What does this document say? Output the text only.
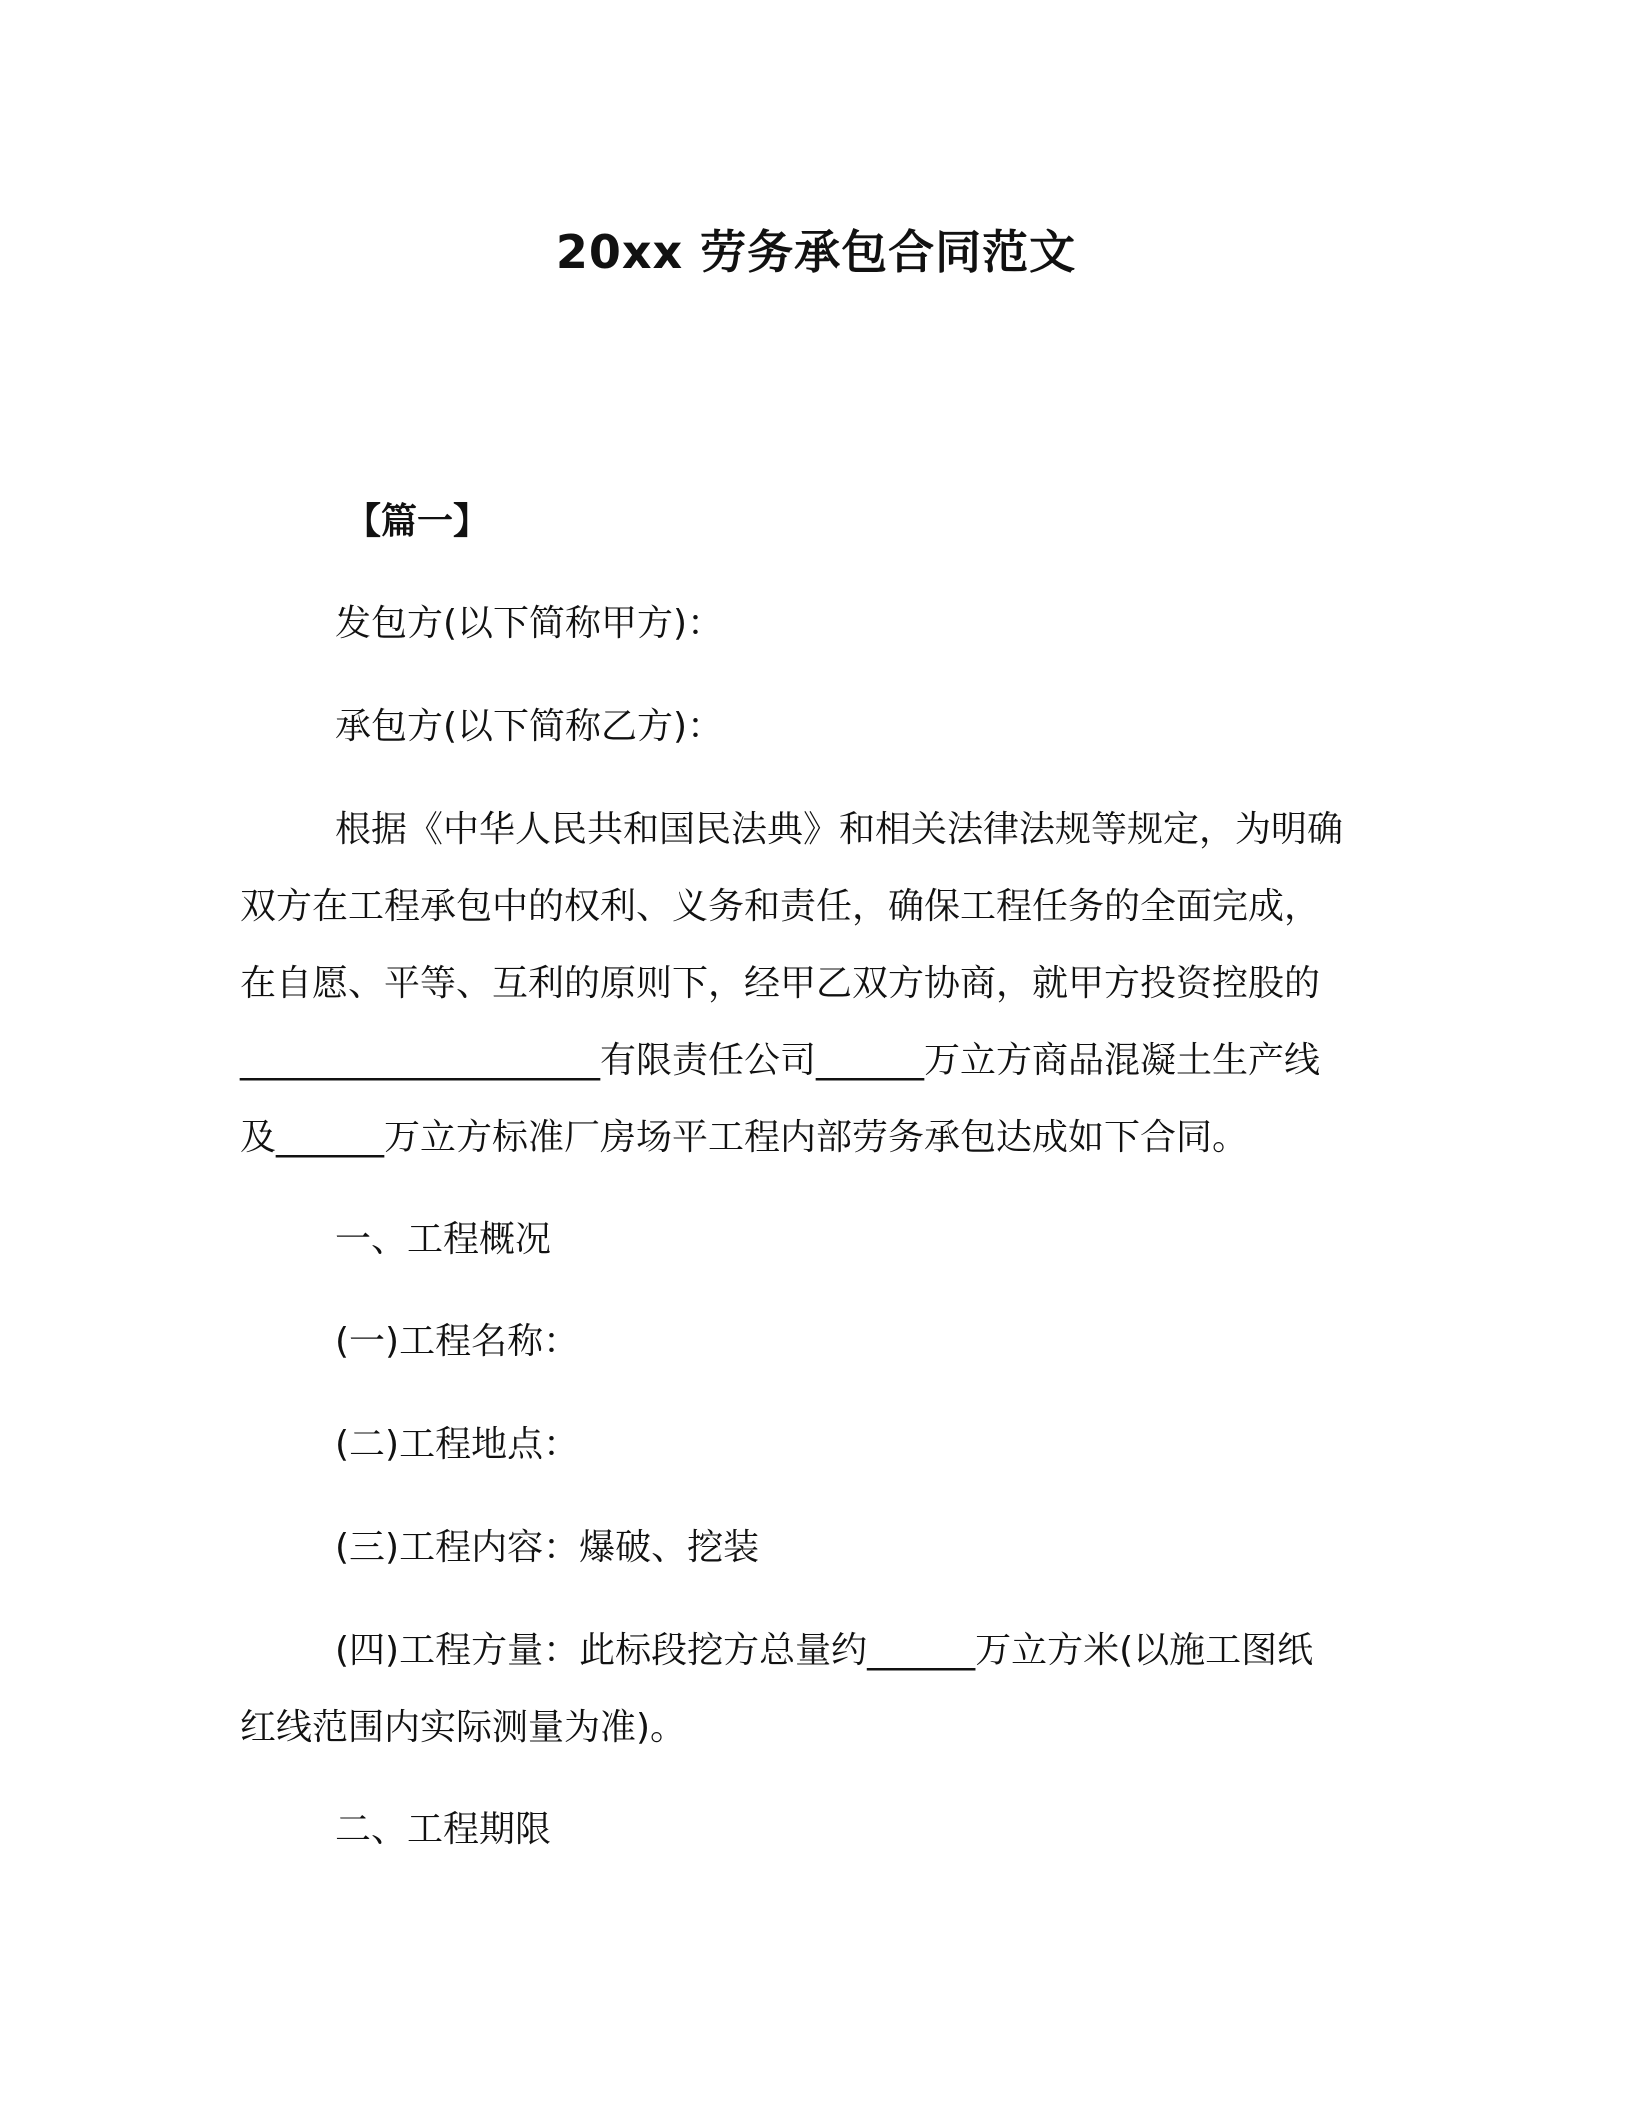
20xx 劳务承包合同范文
【篇一】
发包方(以下简称甲方)：
承包方(以下简称乙方)：
根据《中华人民共和国民法典》和相关法律法规等规定，为明确
双方在工程承包中的权利、义务和责任，确保工程任务的全面完成，
在自愿、平等、互利的原则下，经甲乙双方协商，就甲方投资控股的
____________________有限责任公司______万立方商品混凝土生产线
及______万立方标准厂房场平工程内部劳务承包达成如下合同。
一、工程概况
(一)工程名称：
(二)工程地点：
(三)工程内容：爆破、挖装
(四)工程方量：此标段挖方总量约______万立方米(以施工图纸
红线范围内实际测量为准)。
二、工程期限
